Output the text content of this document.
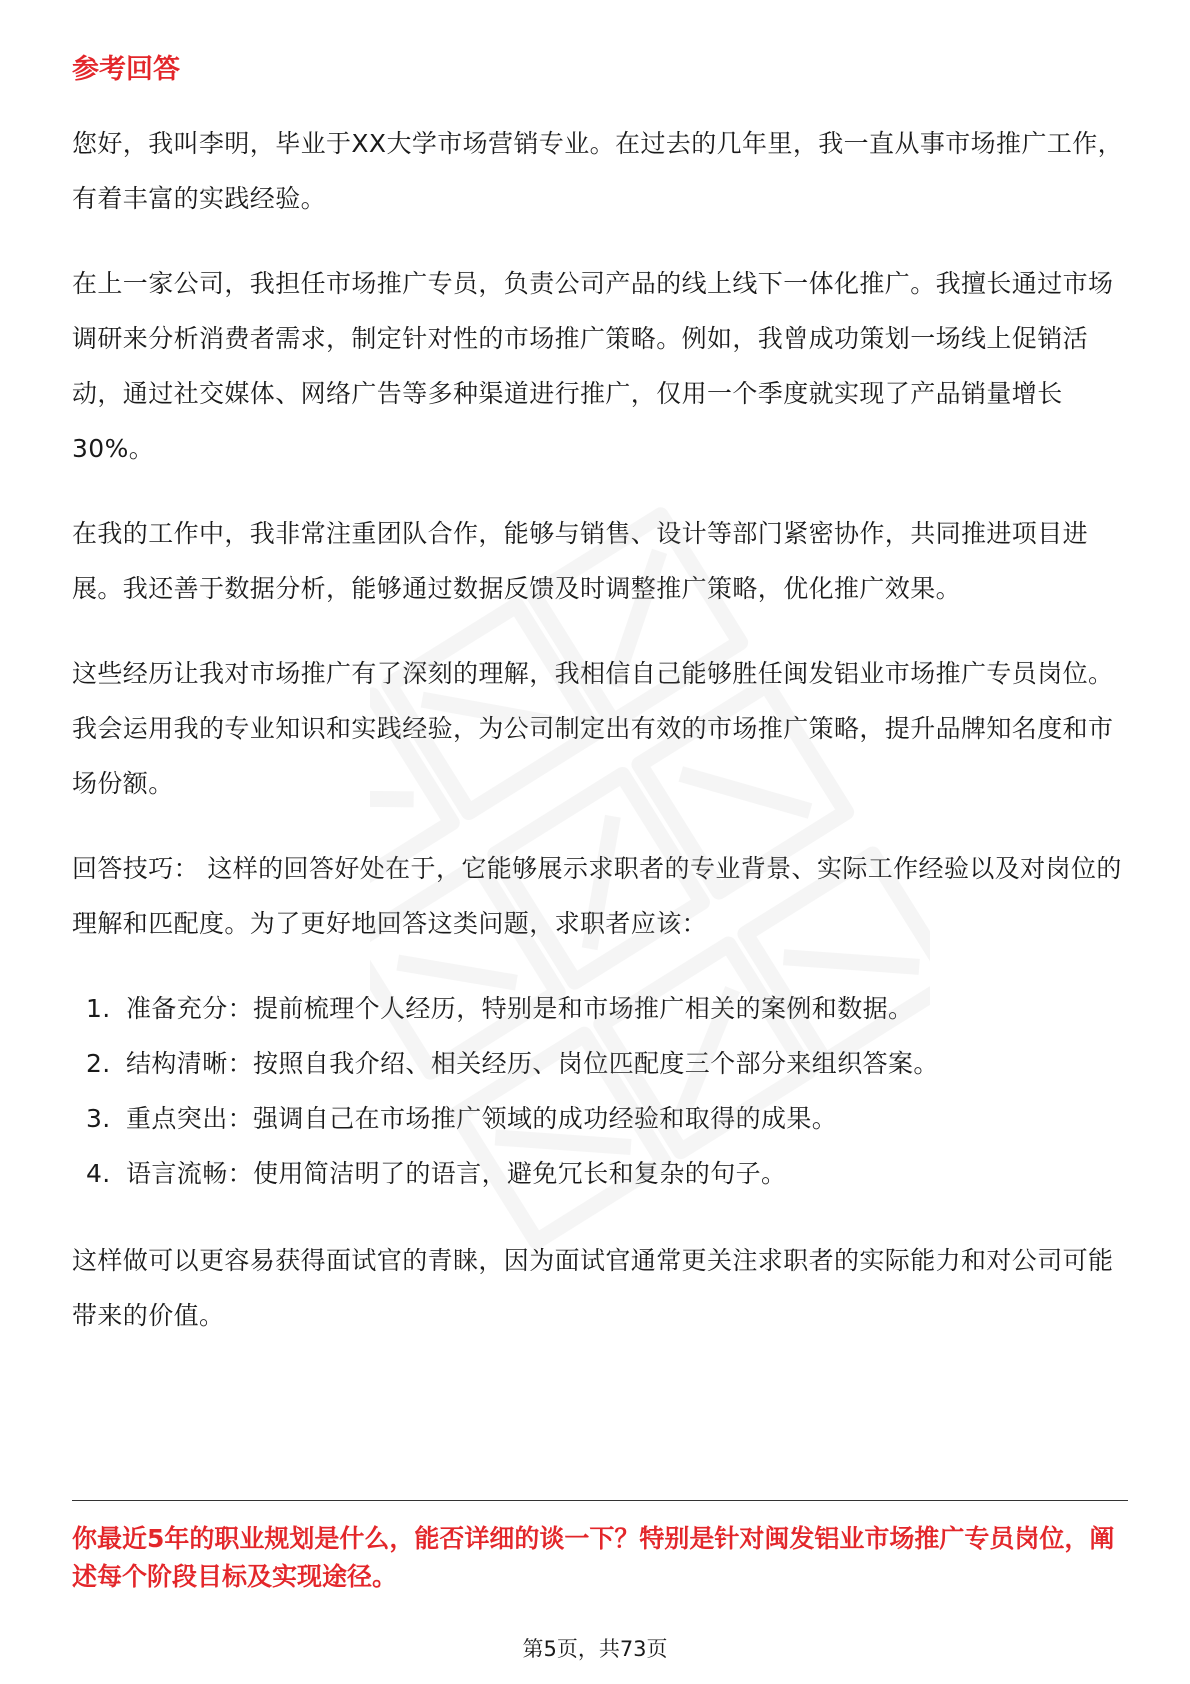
参考回答

您好，我叫李明，毕业于XX大学市场营销专业。在过去的几年里，我一直从事市场推广工作，有着丰富的实践经验。

在上一家公司，我担任市场推广专员，负责公司产品的线上线下一体化推广。我擅长通过市场调研来分析消费者需求，制定针对性的市场推广策略。例如，我曾成功策划一场线上促销活动，通过社交媒体、网络广告等多种渠道进行推广，仅用一个季度就实现了产品销量增长30%。

在我的工作中，我非常注重团队合作，能够与销售、设计等部门紧密协作，共同推进项目进展。我还善于数据分析，能够通过数据反馈及时调整推广策略，优化推广效果。

这些经历让我对市场推广有了深刻的理解，我相信自己能够胜任闽发铝业市场推广专员岗位。我会运用我的专业知识和实践经验，为公司制定出有效的市场推广策略，提升品牌知名度和市场份额。

回答技巧： 这样的回答好处在于，它能够展示求职者的专业背景、实际工作经验以及对岗位的理解和匹配度。为了更好地回答这类问题，求职者应该：

1. 准备充分：提前梳理个人经历，特别是和市场推广相关的案例和数据。
2. 结构清晰：按照自我介绍、相关经历、岗位匹配度三个部分来组织答案。
3. 重点突出：强调自己在市场推广领域的成功经验和取得的成果。
4. 语言流畅：使用简洁明了的语言，避免冗长和复杂的句子。

这样做可以更容易获得面试官的青睐，因为面试官通常更关注求职者的实际能力和对公司可能带来的价值。

你最近5年的职业规划是什么，能否详细的谈一下？特别是针对闽发铝业市场推广专员岗位，阐述每个阶段目标及实现途径。
第5页，共73页
